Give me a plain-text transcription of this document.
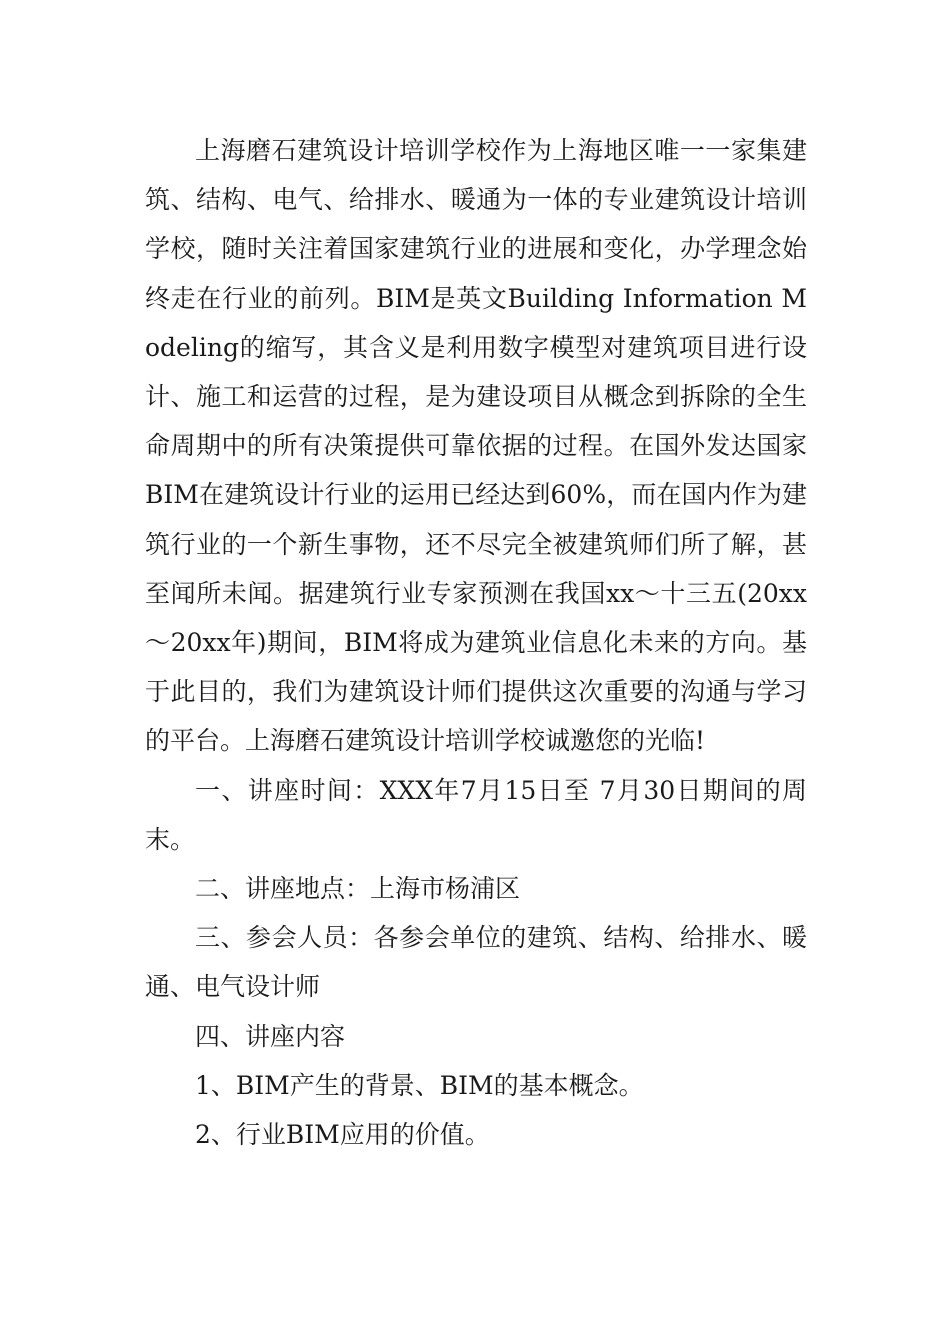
上海磨石建筑设计培训学校作为上海地区唯一一家集建筑、结构、电气、给排水、暖通为一体的专业建筑设计培训学校，随时关注着国家建筑行业的进展和变化，办学理念始终走在行业的前列。BIM是英文Building Information Modeling的缩写，其含义是利用数字模型对建筑项目进行设计、施工和运营的过程，是为建设项目从概念到拆除的全生命周期中的所有决策提供可靠依据的过程。在国外发达国家BIM在建筑设计行业的运用已经达到60%，而在国内作为建筑行业的一个新生事物，还不尽完全被建筑师们所了解，甚至闻所未闻。据建筑行业专家预测在我国xx～十三五(20xx～20xx年)期间，BIM将成为建筑业信息化未来的方向。基于此目的，我们为建筑设计师们提供这次重要的沟通与学习的平台。上海磨石建筑设计培训学校诚邀您的光临!

一、讲座时间：XXX年7月15日至 7月30日期间的周末。

二、讲座地点：上海市杨浦区

三、参会人员：各参会单位的建筑、结构、给排水、暖通、电气设计师

四、讲座内容

1、BIM产生的背景、BIM的基本概念。

2、行业BIM应用的价值。
